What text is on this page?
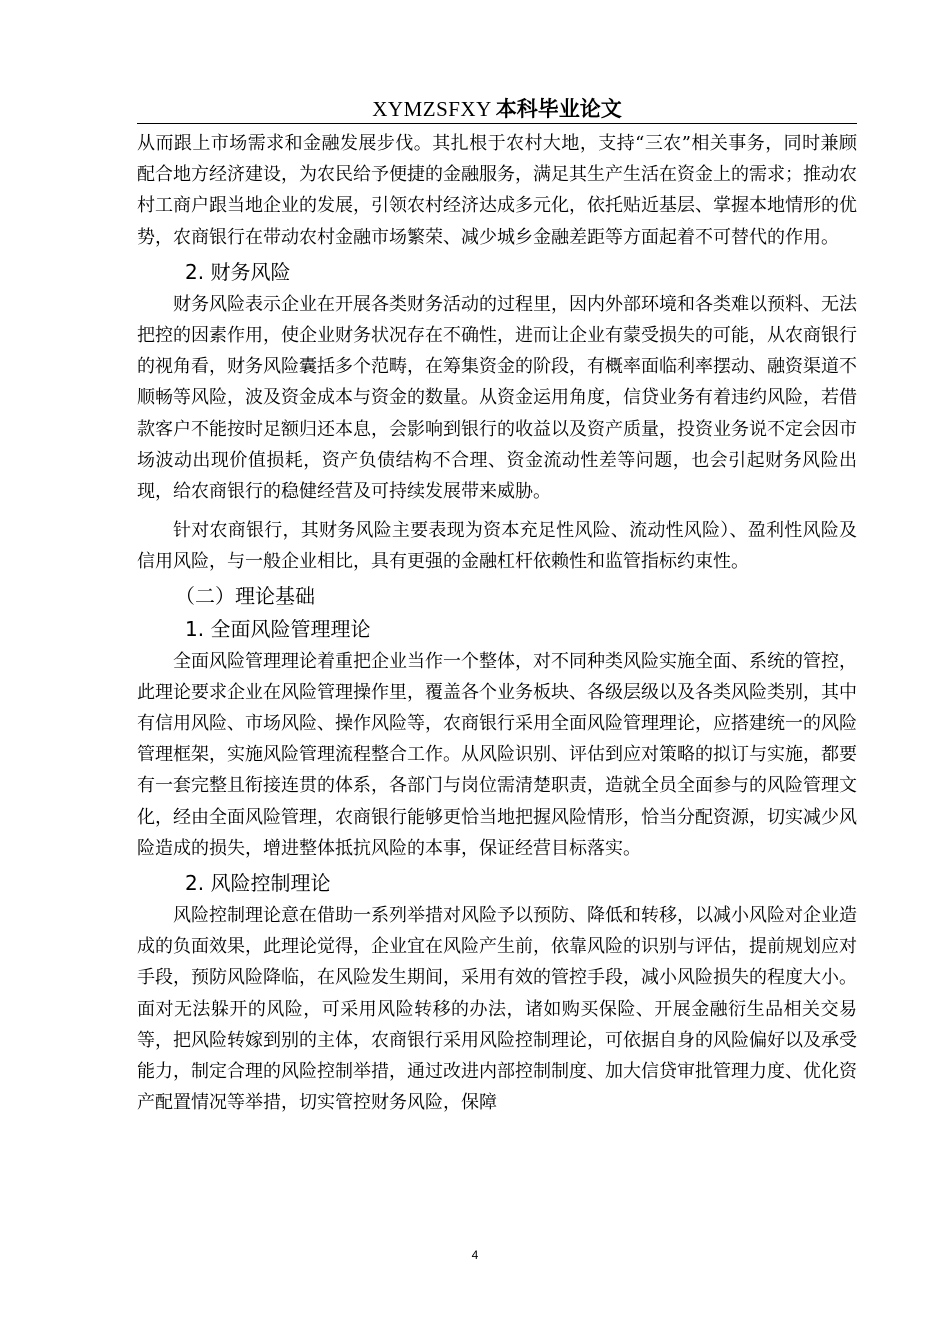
XYMZSFXY 本科毕业论文

从而跟上市场需求和金融发展步伐。其扎根于农村大地，支持“三农”相关事务，同时兼顾配合地方经济建设，为农民给予便捷的金融服务，满足其生产生活在资金上的需求；推动农村工商户跟当地企业的发展，引领农村经济达成多元化，依托贴近基层、掌握本地情形的优势，农商银行在带动农村金融市场繁荣、减少城乡金融差距等方面起着不可替代的作用。

2. 财务风险

财务风险表示企业在开展各类财务活动的过程里，因内外部环境和各类难以预料、无法把控的因素作用，使企业财务状况存在不确性，进而让企业有蒙受损失的可能，从农商银行的视角看，财务风险囊括多个范畴，在筹集资金的阶段，有概率面临利率摆动、融资渠道不顺畅等风险，波及资金成本与资金的数量。从资金运用角度，信贷业务有着违约风险，若借款客户不能按时足额归还本息，会影响到银行的收益以及资产质量，投资业务说不定会因市场波动出现价值损耗，资产负债结构不合理、资金流动性差等问题，也会引起财务风险出现，给农商银行的稳健经营及可持续发展带来威胁。

针对农商银行，其财务风险主要表现为资本充足性风险、流动性风险）、盈利性风险及信用风险，与一般企业相比，具有更强的金融杠杆依赖性和监管指标约束性。

（二）理论基础
1. 全面风险管理理论

全面风险管理理论着重把企业当作一个整体，对不同种类风险实施全面、系统的管控，此理论要求企业在风险管理操作里，覆盖各个业务板块、各级层级以及各类风险类别，其中有信用风险、市场风险、操作风险等，农商银行采用全面风险管理理论，应搭建统一的风险管理框架，实施风险管理流程整合工作。从风险识别、评估到应对策略的拟订与实施，都要有一套完整且衔接连贯的体系，各部门与岗位需清楚职责，造就全员全面参与的风险管理文化，经由全面风险管理，农商银行能够更恰当地把握风险情形，恰当分配资源，切实减少风险造成的损失，增进整体抵抗风险的本事，保证经营目标落实。

2. 风险控制理论

风险控制理论意在借助一系列举措对风险予以预防、降低和转移，以减小风险对企业造成的负面效果，此理论觉得，企业宜在风险产生前，依靠风险的识别与评估，提前规划应对手段，预防风险降临，在风险发生期间，采用有效的管控手段，减小风险损失的程度大小。面对无法躲开的风险，可采用风险转移的办法，诸如购买保险、开展金融衍生品相关交易等，把风险转嫁到别的主体，农商银行采用风险控制理论，可依据自身的风险偏好以及承受能力，制定合理的风险控制举措，通过改进内部控制制度、加大信贷审批管理力度、优化资产配置情况等举措，切实管控财务风险，保障

4
